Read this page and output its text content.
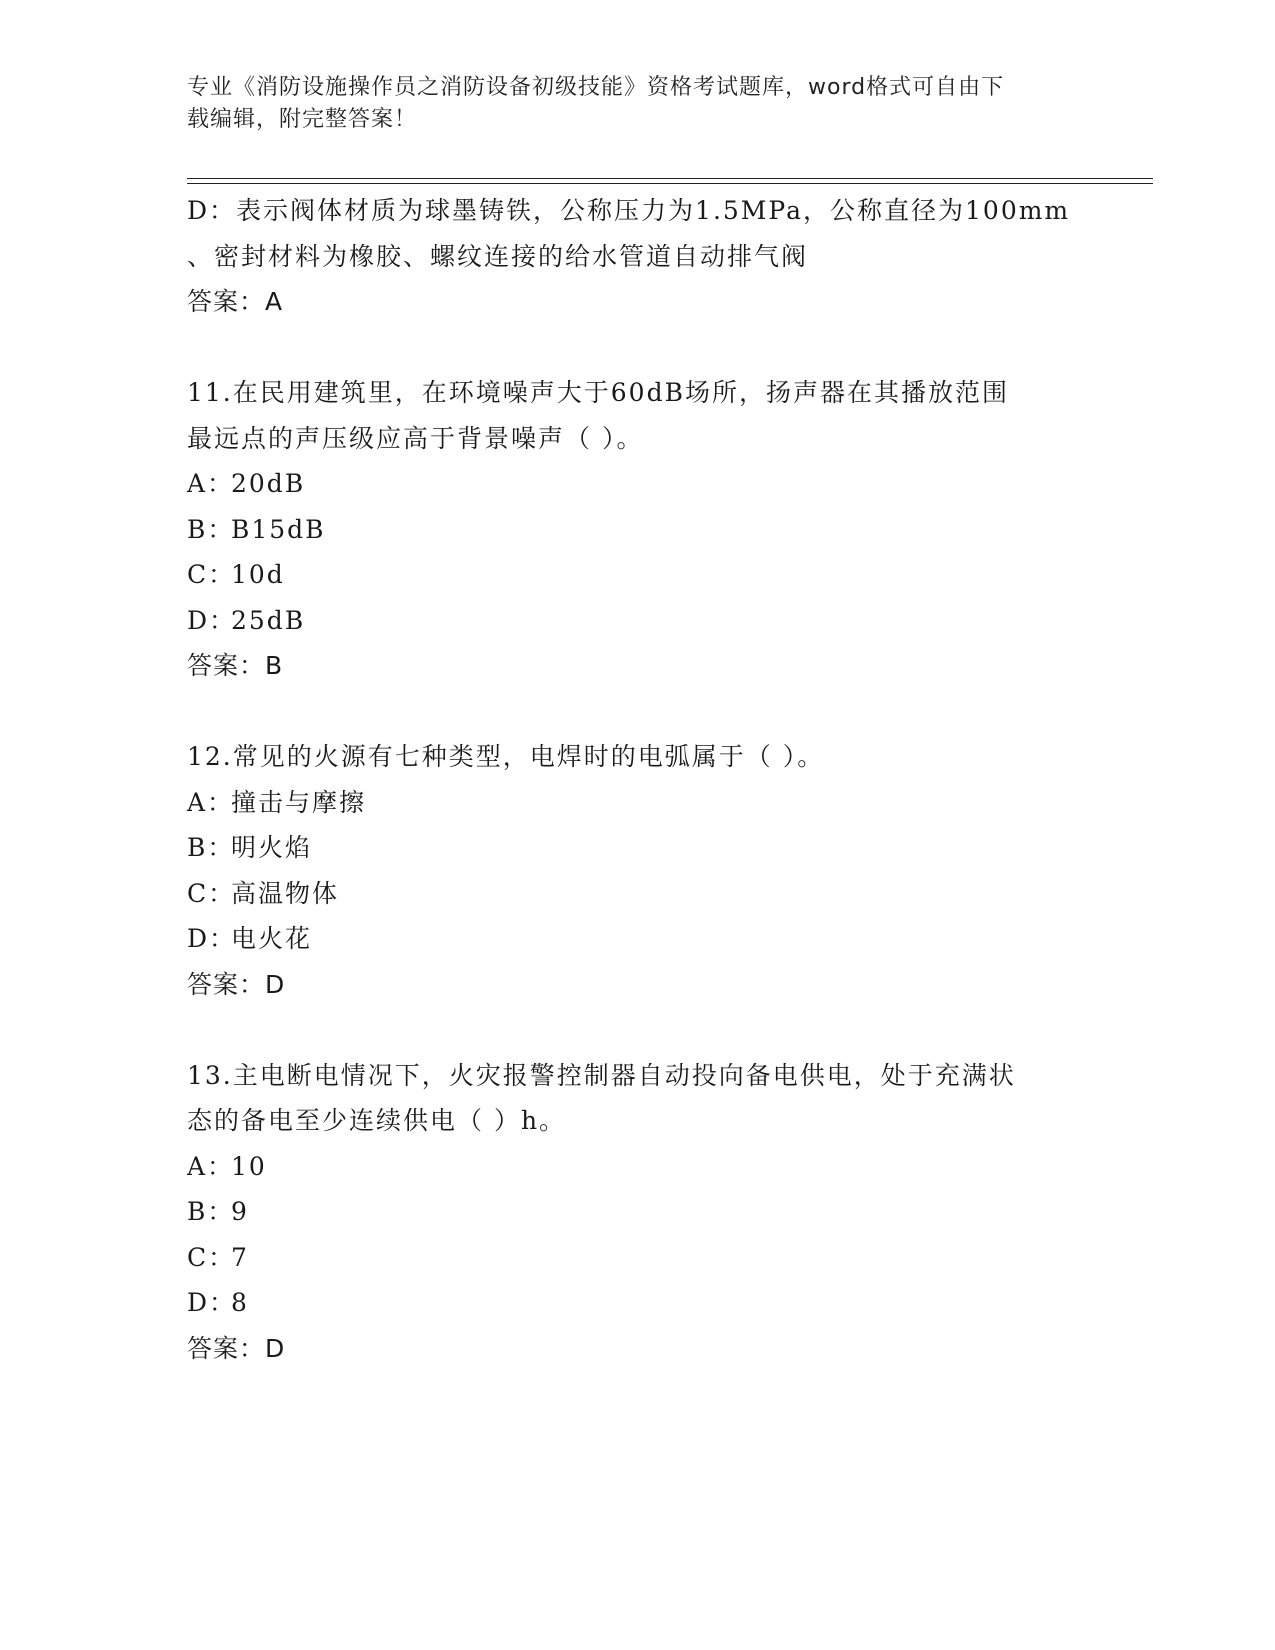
专业《消防设施操作员之消防设备初级技能》资格考试题库，word格式可自由下
载编辑，附完整答案！
D：表示阀体材质为球墨铸铁，公称压力为1.5MPa，公称直径为100mm
、密封材料为橡胶、螺纹连接的给水管道自动排气阀
答案：A
11.在民用建筑里，在环境噪声大于60dB场所，扬声器在其播放范围
最远点的声压级应高于背景噪声（ ）。
A：20dB
B：B15dB
C：10d
D：25dB
答案：B
12.常见的火源有七种类型，电焊时的电弧属于（ ）。
A：撞击与摩擦
B：明火焰
C：高温物体
D：电火花
答案：D
13.主电断电情况下，火灾报警控制器自动投向备电供电，处于充满状
态的备电至少连续供电（ ）h。
A：10
B：9
C：7
D：8
答案：D
